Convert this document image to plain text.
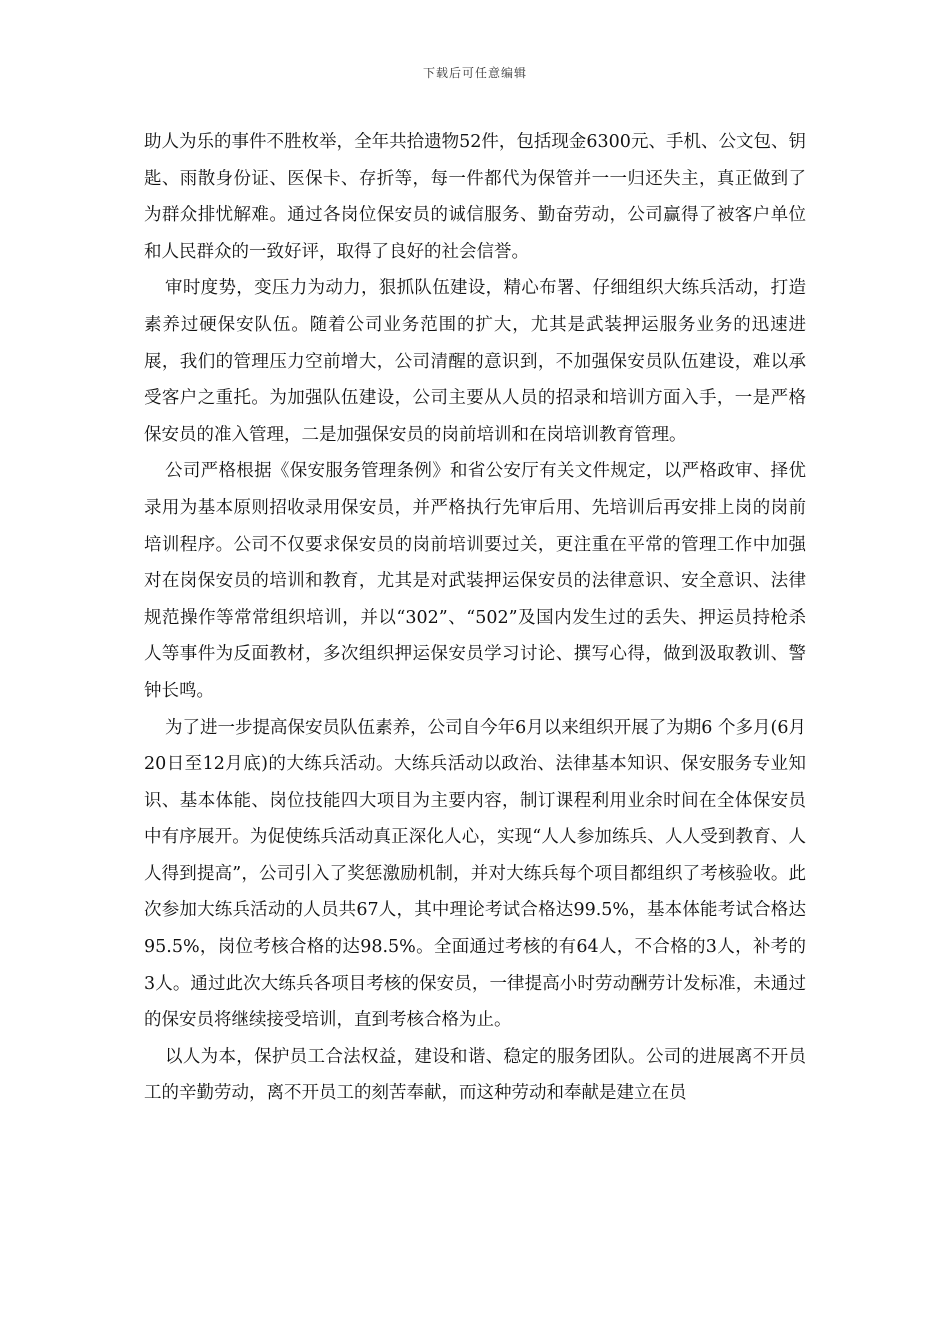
下载后可任意编辑

助人为乐的事件不胜枚举，全年共拾遗物52件，包括现金6300元、手机、公文包、钥匙、雨散身份证、医保卡、存折等，每一件都代为保管并一一归还失主，真正做到了为群众排忧解难。通过各岗位保安员的诚信服务、勤奋劳动，公司赢得了被客户单位和人民群众的一致好评，取得了良好的社会信誉。

审时度势，变压力为动力，狠抓队伍建设，精心布署、仔细组织大练兵活动，打造素养过硬保安队伍。随着公司业务范围的扩大，尤其是武装押运服务业务的迅速进展，我们的管理压力空前增大，公司清醒的意识到，不加强保安员队伍建设，难以承受客户之重托。为加强队伍建设，公司主要从人员的招录和培训方面入手，一是严格保安员的准入管理，二是加强保安员的岗前培训和在岗培训教育管理。

公司严格根据《保安服务管理条例》和省公安厅有关文件规定，以严格政审、择优录用为基本原则招收录用保安员，并严格执行先审后用、先培训后再安排上岗的岗前培训程序。公司不仅要求保安员的岗前培训要过关，更注重在平常的管理工作中加强对在岗保安员的培训和教育，尤其是对武装押运保安员的法律意识、安全意识、法律规范操作等常常组织培训，并以“302”、“502”及国内发生过的丢失、押运员持枪杀人等事件为反面教材，多次组织押运保安员学习讨论、撰写心得，做到汲取教训、警钟长鸣。

为了进一步提高保安员队伍素养，公司自今年6月以来组织开展了为期6 个多月(6月20日至12月底)的大练兵活动。大练兵活动以政治、法律基本知识、保安服务专业知识、基本体能、岗位技能四大项目为主要内容，制订课程利用业余时间在全体保安员中有序展开。为促使练兵活动真正深化人心，实现“人人参加练兵、人人受到教育、人人得到提高”，公司引入了奖惩激励机制，并对大练兵每个项目都组织了考核验收。此次参加大练兵活动的人员共67人，其中理论考试合格达99.5%，基本体能考试合格达95.5%，岗位考核合格的达98.5%。全面通过考核的有64人，不合格的3人，补考的3人。通过此次大练兵各项目考核的保安员，一律提高小时劳动酬劳计发标准，未通过的保安员将继续接受培训，直到考核合格为止。

以人为本，保护员工合法权益，建设和谐、稳定的服务团队。公司的进展离不开员工的辛勤劳动，离不开员工的刻苦奉献，而这种劳动和奉献是建立在员
